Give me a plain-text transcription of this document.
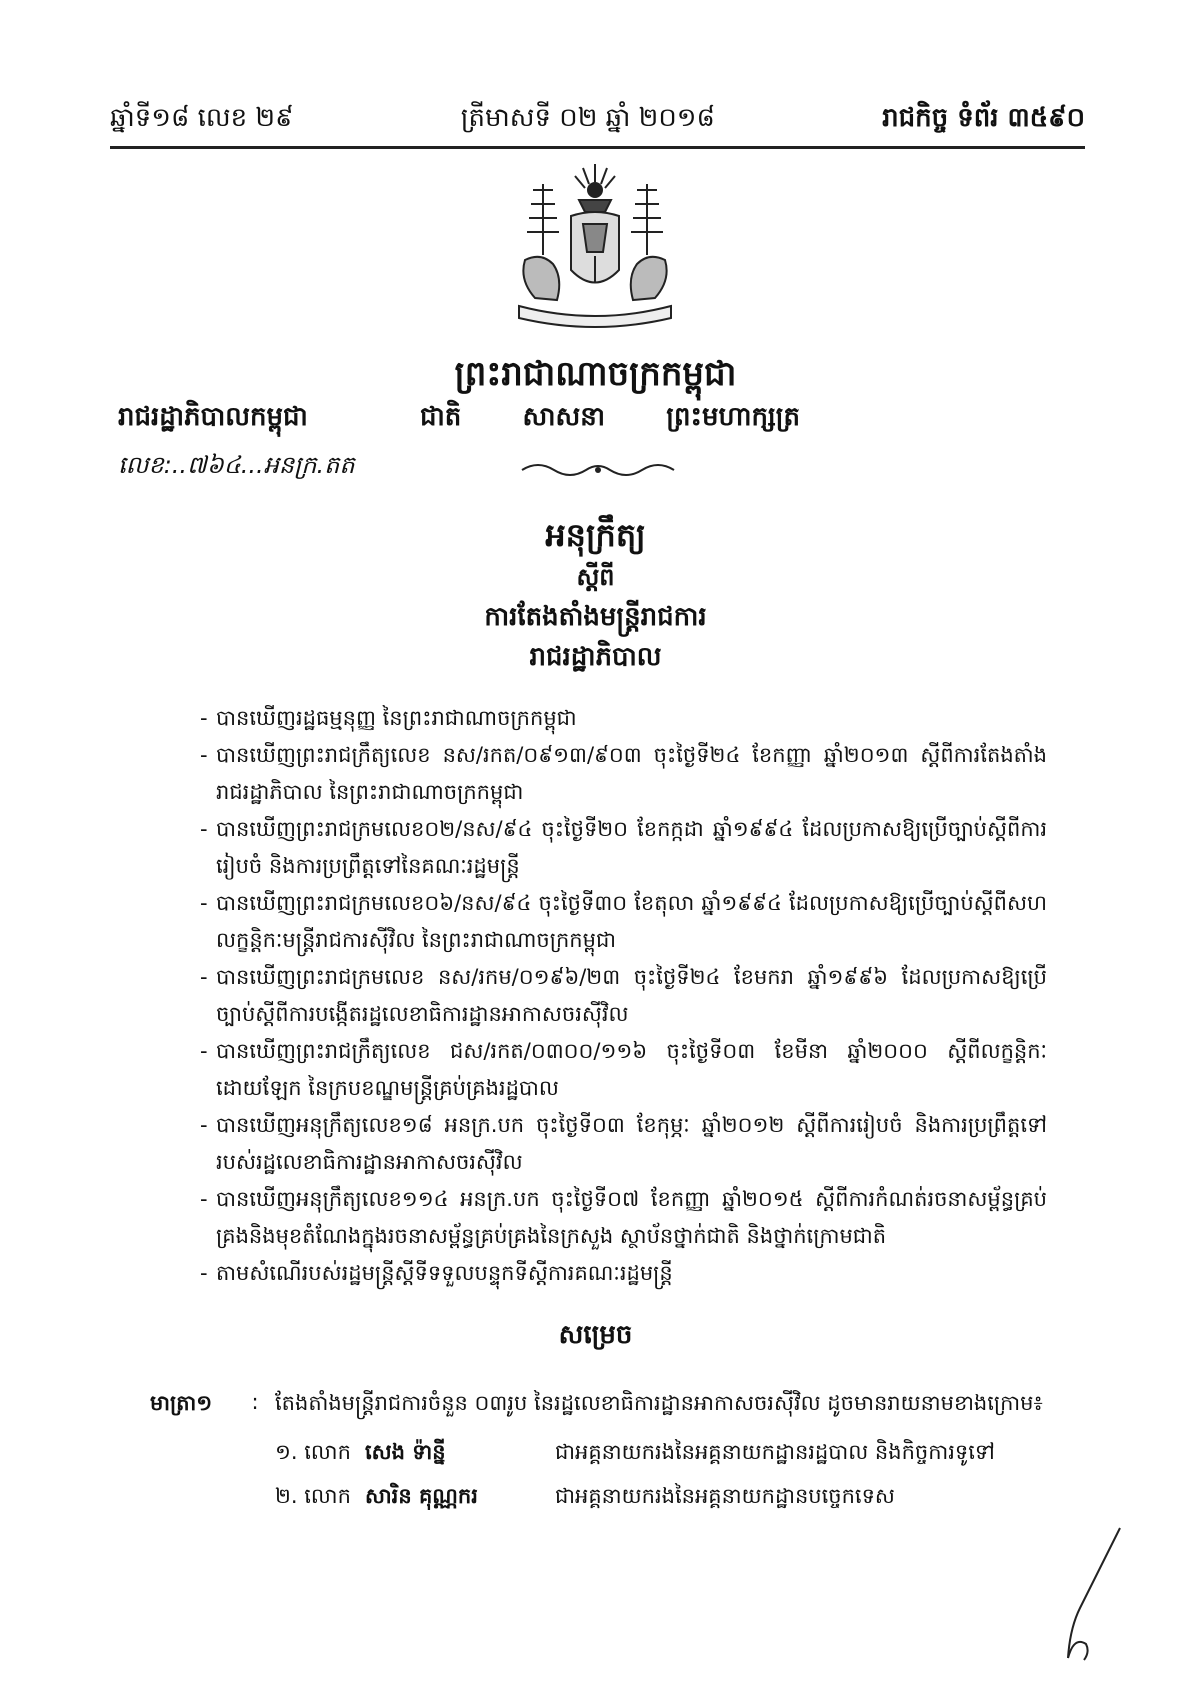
ឆ្នាំទី១៨ លេខ ២៩	ត្រីមាសទី ០២ ឆ្នាំ ២០១៨	រាជកិច្ច ទំព័រ ៣៥៩០
ព្រះរាជាណាចក្រកម្ពុជា
រាជរដ្ឋាភិបាលកម្ពុជា	ជាតិ សាសនា ព្រះមហាក្សត្រ
លេខ:..៧៦៤...អនក្រ.តត
អនុក្រឹត្យ
ស្តីពី
ការតែងតាំងមន្ត្រីរាជការ
រាជរដ្ឋាភិបាល
- បានឃើញរដ្ឋធម្មនុញ្ញ នៃព្រះរាជាណាចក្រកម្ពុជា
- បានឃើញព្រះរាជក្រឹត្យលេខ នស/រកត/០៩១៣/៩០៣ ចុះថ្ងៃទី២៤ ខែកញ្ញា ឆ្នាំ២០១៣ ស្តីពីការតែងតាំងរាជរដ្ឋាភិបាល នៃព្រះរាជាណាចក្រកម្ពុជា
- បានឃើញព្រះរាជក្រមលេខ០២/នស/៩៤ ចុះថ្ងៃទី២០ ខែកក្កដា ឆ្នាំ១៩៩៤ ដែលប្រកាសឱ្យប្រើច្បាប់ស្តីពីការរៀបចំ និងការប្រព្រឹត្តទៅនៃគណៈរដ្ឋមន្ត្រី
- បានឃើញព្រះរាជក្រមលេខ០៦/នស/៩៤ ចុះថ្ងៃទី៣០ ខែតុលា ឆ្នាំ១៩៩៤ ដែលប្រកាសឱ្យប្រើច្បាប់ស្តីពីសហលក្ខន្តិកៈមន្ត្រីរាជការស៊ីវិល នៃព្រះរាជាណាចក្រកម្ពុជា
- បានឃើញព្រះរាជក្រមលេខ នស/រកម/០១៩៦/២៣ ចុះថ្ងៃទី២៤ ខែមករា ឆ្នាំ១៩៩៦ ដែលប្រកាសឱ្យប្រើច្បាប់ស្តីពីការបង្កើតរដ្ឋលេខាធិការដ្ឋានអាកាសចរស៊ីវិល
- បានឃើញព្រះរាជក្រឹត្យលេខ ជស/រកត/០៣០០/១១៦ ចុះថ្ងៃទី០៣ ខែមីនា ឆ្នាំ២០០០ ស្តីពីលក្ខន្តិកៈដោយឡែក នៃក្របខណ្ឌមន្ត្រីគ្រប់គ្រងរដ្ឋបាល
- បានឃើញអនុក្រឹត្យលេខ១៨ អនក្រ.បក ចុះថ្ងៃទី០៣ ខែកុម្ភៈ ឆ្នាំ២០១២ ស្តីពីការរៀបចំ និងការប្រព្រឹត្តទៅរបស់រដ្ឋលេខាធិការដ្ឋានអាកាសចរស៊ីវិល
- បានឃើញអនុក្រឹត្យលេខ១១៤ អនក្រ.បក ចុះថ្ងៃទី០៧ ខែកញ្ញា ឆ្នាំ២០១៥ ស្តីពីការកំណត់រចនាសម្ព័ន្ធគ្រប់គ្រងនិងមុខតំណែងក្នុងរចនាសម្ព័ន្ធគ្រប់គ្រងនៃក្រសួង ស្ថាប័នថ្នាក់ជាតិ និងថ្នាក់ក្រោមជាតិ
- តាមសំណើរបស់រដ្ឋមន្ត្រីស្តីទីទទួលបន្ទុកទីស្តីការគណៈរដ្ឋមន្ត្រី
សម្រេច
មាត្រា១	: តែងតាំងមន្ត្រីរាជការចំនួន ០៣រូប នៃរដ្ឋលេខាធិការដ្ឋានអាកាសចរស៊ីវិល ដូចមានរាយនាមខាងក្រោម៖
១. លោក សេង ទ៉ាន្នី	ជាអគ្គនាយករងនៃអគ្គនាយកដ្ឋានរដ្ឋបាល និងកិច្ចការទូទៅ
២. លោក សារិន គុណ្ណករ	ជាអគ្គនាយករងនៃអគ្គនាយកដ្ឋានបច្ចេកទេស
